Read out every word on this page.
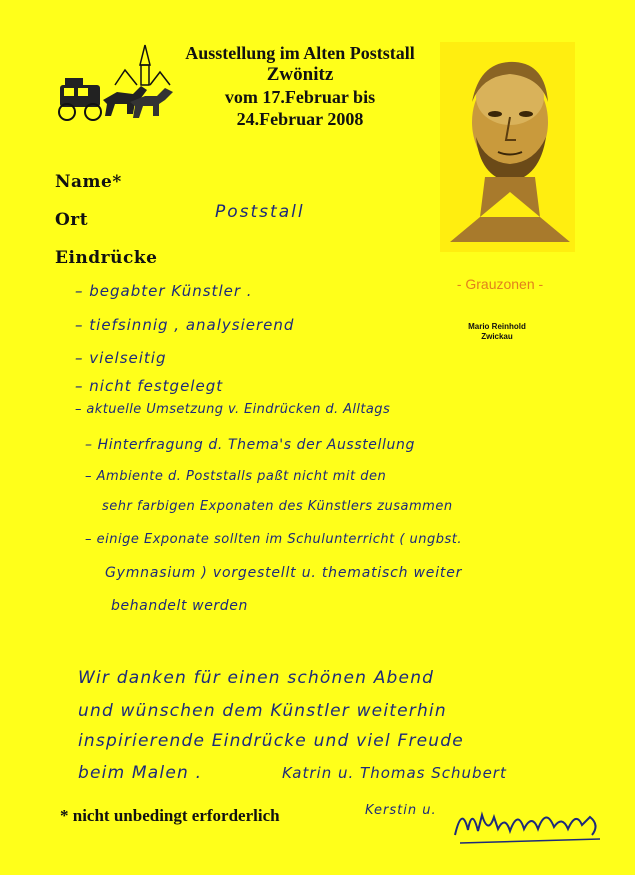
Ausstellung im Alten Poststall
Zwönitz
vom 17.Februar bis
24.Februar 2008
- Grauzonen -
Mario Reinhold
Zwickau
Name*
Ort
Eindrücke
Poststall
– begabter Künstler .
– tiefsinnig , analysierend
– vielseitig
– nicht festgelegt
– aktuelle Umsetzung v. Eindrücken d. Alltags
– Hinterfragung d. Thema's der Ausstellung
– Ambiente d. Poststalls paßt nicht mit den
sehr farbigen Exponaten des Künstlers zusammen
– einige Exponate sollten im Schulunterricht ( ungbst.
Gymnasium ) vorgestellt u. thematisch weiter
behandelt werden
Wir danken für einen schönen Abend
und wünschen dem Künstler weiterhin
inspirierende Eindrücke und viel Freude
beim Malen .	Katrin u. Thomas Schubert
Kerstin u.
* nicht unbedingt erforderlich
